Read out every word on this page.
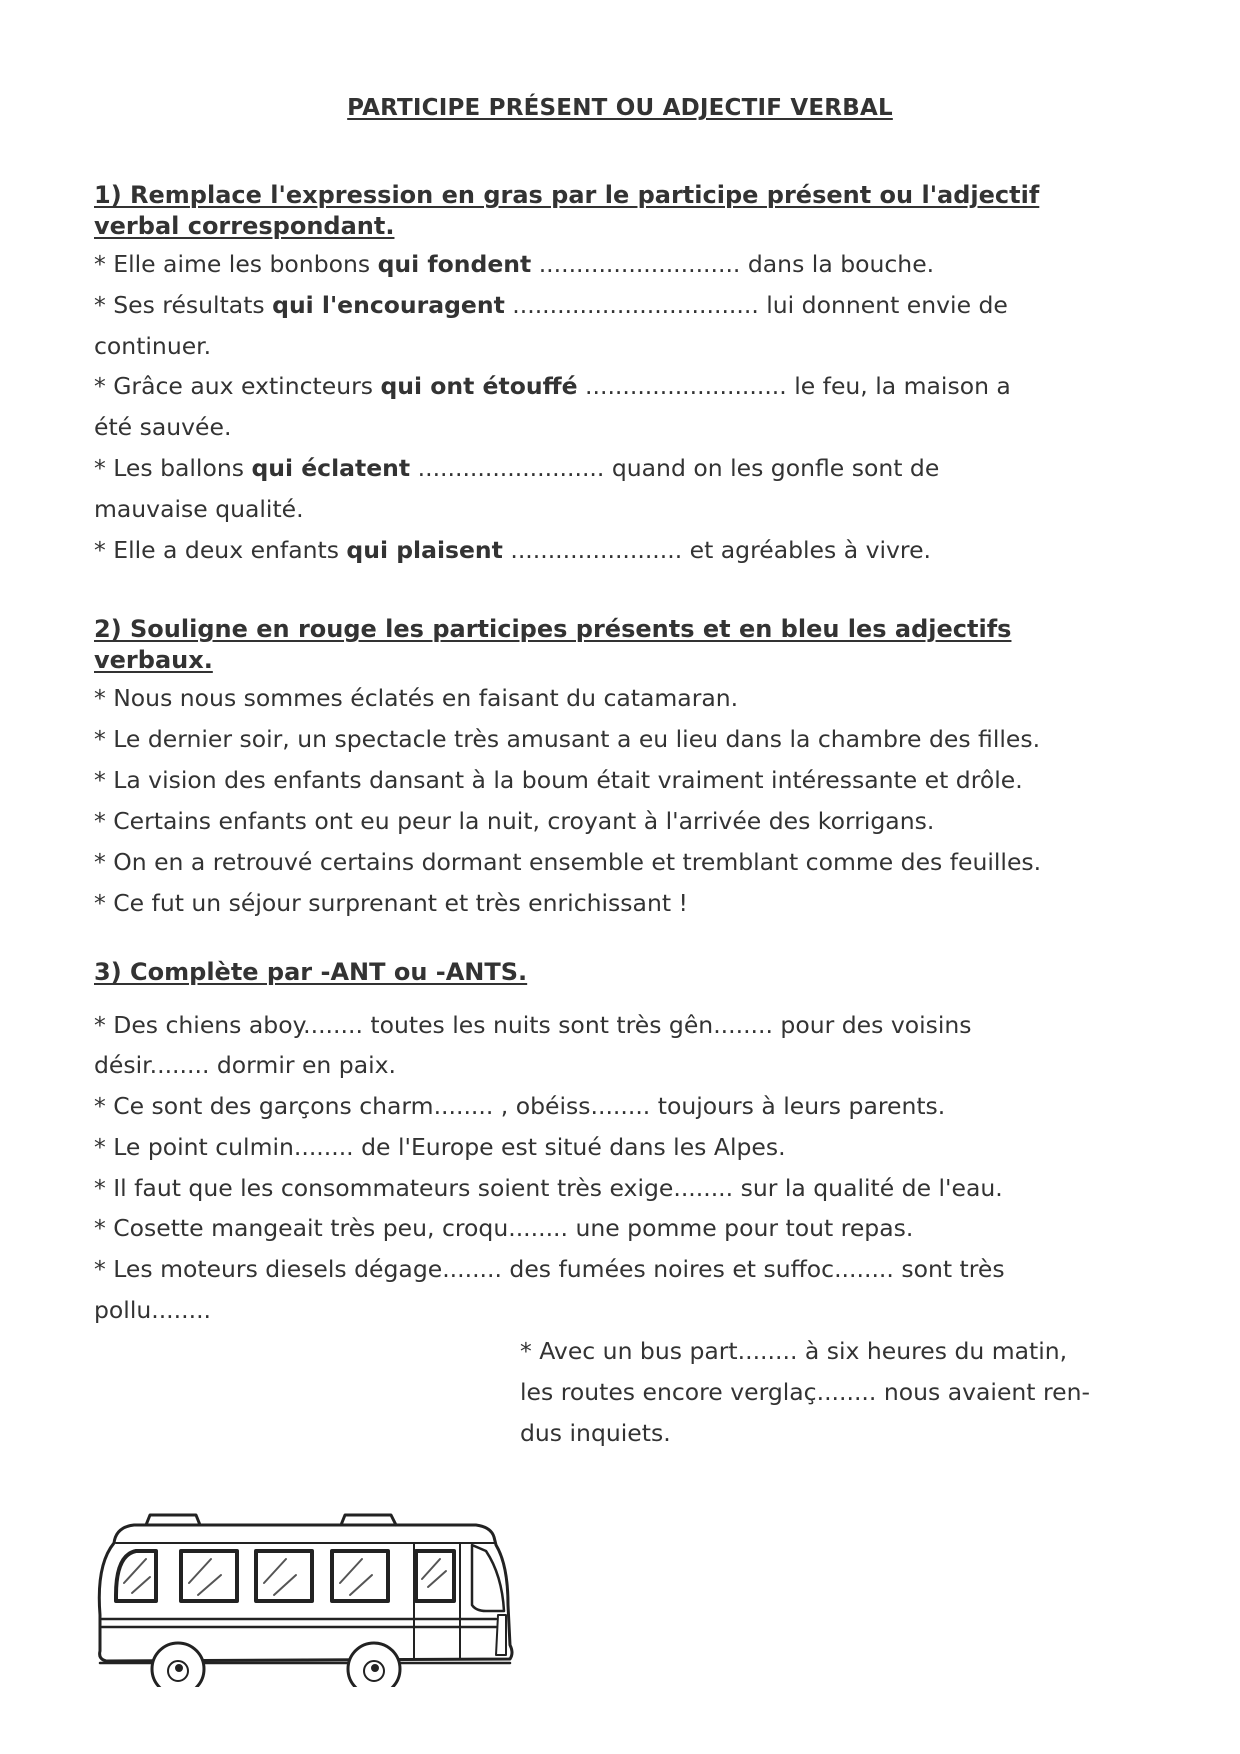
PARTICIPE PRÉSENT OU ADJECTIF VERBAL
1) Remplace l'expression en gras par le participe présent ou l'adjectif
verbal correspondant.
* Elle aime les bonbons qui fondent ........................... dans la bouche.
* Ses résultats qui l'encouragent ................................. lui donnent envie de
continuer.
* Grâce aux extincteurs qui ont étouffé ........................... le feu, la maison a
été sauvée.
* Les ballons qui éclatent ......................... quand on les gonfle sont de
mauvaise qualité.
* Elle a deux enfants qui plaisent ....................... et agréables à vivre.
2) Souligne en rouge les participes présents et en bleu les adjectifs
verbaux.
* Nous nous sommes éclatés en faisant du catamaran.
* Le dernier soir, un spectacle très amusant a eu lieu dans la chambre des filles.
* La vision des enfants dansant à la boum était vraiment intéressante et drôle.
* Certains enfants ont eu peur la nuit, croyant à l'arrivée des korrigans.
* On en a retrouvé certains dormant ensemble et tremblant comme des feuilles.
* Ce fut un séjour surprenant et très enrichissant !
3) Complète par -ANT ou -ANTS.
* Des chiens aboy........ toutes les nuits sont très gên........ pour des voisins
désir........ dormir en paix.
* Ce sont des garçons charm........ , obéiss........ toujours à leurs parents.
* Le point culmin........ de l'Europe est situé dans les Alpes.
* Il faut que les consommateurs soient très exige........ sur la qualité de l'eau.
* Cosette mangeait très peu, croqu........ une pomme pour tout repas.
* Les moteurs diesels dégage........ des fumées noires et suffoc........ sont très
pollu........
* Avec un bus part........ à six heures du matin,
les routes encore verglaç........ nous avaient ren-
dus inquiets.
